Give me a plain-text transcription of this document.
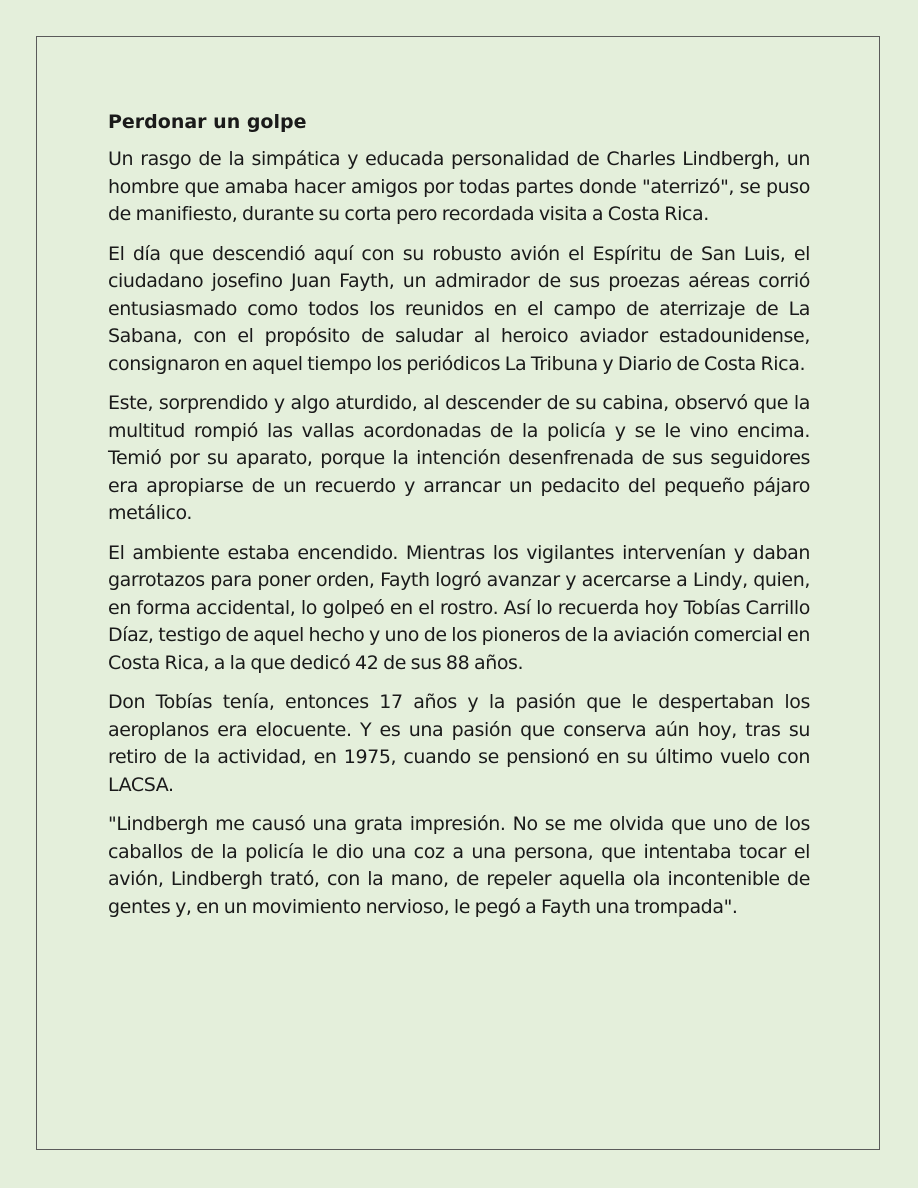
Perdonar un golpe

Un rasgo de la simpática y educada personalidad de Charles Lindbergh, un hombre que amaba hacer amigos por todas partes donde "aterrizó", se puso de manifiesto, durante su corta pero recordada visita a Costa Rica.

El día que descendió aquí con su robusto avión el Espíritu de San Luis, el ciudadano josefino Juan Fayth, un admirador de sus proezas aéreas corrió entusiasmado como todos los reunidos en el campo de aterrizaje de La Sabana, con el propósito de saludar al heroico aviador estadounidense, consignaron en aquel tiempo los periódicos La Tribuna y Diario de Costa Rica.

Este, sorprendido y algo aturdido, al descender de su cabina, observó que la multitud rompió las vallas acordonadas de la policía y se le vino encima. Temió por su aparato, porque la intención desenfrenada de sus seguidores era apropiarse de un recuerdo y arrancar un pedacito del pequeño pájaro metálico.

El ambiente estaba encendido. Mientras los vigilantes intervenían y daban garrotazos para poner orden, Fayth logró avanzar y acercarse a Lindy, quien, en forma accidental, lo golpeó en el rostro. Así lo recuerda hoy Tobías Carrillo Díaz, testigo de aquel hecho y uno de los pioneros de la aviación comercial en Costa Rica, a la que dedicó 42 de sus 88 años.

Don Tobías tenía, entonces 17 años y la pasión que le despertaban los aeroplanos era elocuente. Y es una pasión que conserva aún hoy, tras su retiro de la actividad, en 1975, cuando se pensionó en su último vuelo con LACSA.

"Lindbergh me causó una grata impresión. No se me olvida que uno de los caballos de la policía le dio una coz a una persona, que intentaba tocar el avión, Lindbergh trató, con la mano, de repeler aquella ola incontenible de gentes y, en un movimiento nervioso, le pegó a Fayth una trompada".
